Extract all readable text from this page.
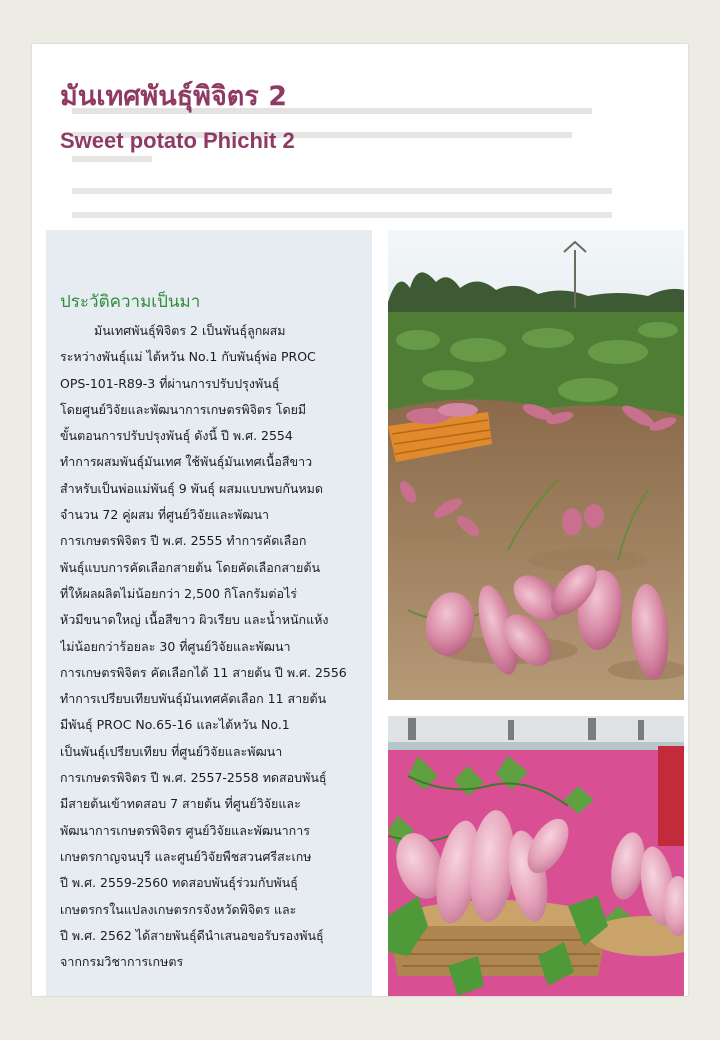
มันเทศพันธุ์พิจิตร 2
Sweet potato Phichit 2
ประวัติความเป็นมา
มันเทศพันธุ์พิจิตร 2 เป็นพันธุ์ลูกผสม
ระหว่างพันธุ์แม่ ไต้หวัน No.1 กับพันธุ์พ่อ PROC
OPS-101-R89-3 ที่ผ่านการปรับปรุงพันธุ์
โดยศูนย์วิจัยและพัฒนาการเกษตรพิจิตร โดยมี
ขั้นตอนการปรับปรุงพันธุ์ ดังนี้ ปี พ.ศ. 2554
ทำการผสมพันธุ์มันเทศ ใช้พันธุ์มันเทศเนื้อสีขาว
สำหรับเป็นพ่อแม่พันธุ์ 9 พันธุ์ ผสมแบบพบกันหมด
จำนวน 72 คู่ผสม ที่ศูนย์วิจัยและพัฒนา
การเกษตรพิจิตร ปี พ.ศ. 2555 ทำการคัดเลือก
พันธุ์แบบการคัดเลือกสายต้น โดยคัดเลือกสายต้น
ที่ให้ผลผลิตไม่น้อยกว่า 2,500 กิโลกรัมต่อไร่
หัวมีขนาดใหญ่ เนื้อสีขาว ผิวเรียบ และน้ำหนักแห้ง
ไม่น้อยกว่าร้อยละ 30 ที่ศูนย์วิจัยและพัฒนา
การเกษตรพิจิตร คัดเลือกได้ 11 สายต้น ปี พ.ศ. 2556
ทำการเปรียบเทียบพันธุ์มันเทศคัดเลือก 11 สายต้น
มีพันธุ์ PROC No.65-16 และไต้หวัน No.1
เป็นพันธุ์เปรียบเทียบ ที่ศูนย์วิจัยและพัฒนา
การเกษตรพิจิตร ปี พ.ศ. 2557-2558 ทดสอบพันธุ์
มีสายต้นเข้าทดสอบ 7 สายต้น ที่ศูนย์วิจัยและ
พัฒนาการเกษตรพิจิตร ศูนย์วิจัยและพัฒนาการ
เกษตรกาญจนบุรี และศูนย์วิจัยพืชสวนศรีสะเกษ
ปี พ.ศ. 2559-2560 ทดสอบพันธุ์ร่วมกับพันธุ์
เกษตรกรในแปลงเกษตรกรจังหวัดพิจิตร และ
ปี พ.ศ. 2562 ได้สายพันธุ์ดีนำเสนอขอรับรองพันธุ์
จากกรมวิชาการเกษตร
